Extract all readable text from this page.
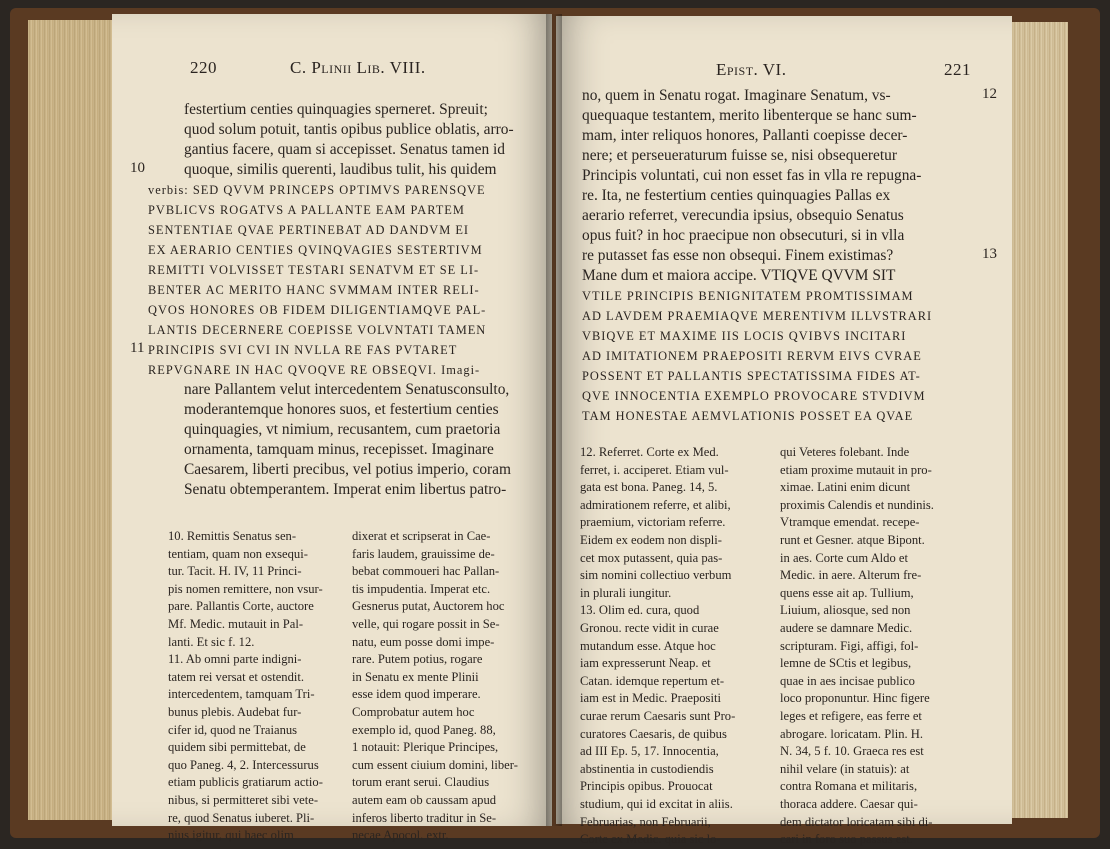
220	C. Plinii Lib. VIII.
10
11
festertium centies quinquagies sperneret. Spreuit;
quod solum potuit, tantis opibus publice oblatis, arro-
gantius facere, quam si accepisset. Senatus tamen id
quoque, similis querenti, laudibus tulit, his quidem
verbis: SED QVVM PRINCEPS OPTIMVS PARENSQVE
PVBLICVS ROGATVS A PALLANTE EAM PARTEM
SENTENTIAE QVAE PERTINEBAT AD DANDVM EI
EX AERARIO CENTIES QVINQVAGIES SESTERTIVM
REMITTI VOLVISSET TESTARI SENATVM ET SE LI-
BENTER AC MERITO HANC SVMMAM INTER RELI-
QVOS HONORES OB FIDEM DILIGENTIAMQVE PAL-
LANTIS DECERNERE COEPISSE VOLVNTATI TAMEN
PRINCIPIS SVI CVI IN NVLLA RE FAS PVTARET
REPVGNARE IN HAC QVOQVE RE OBSEQVI. Imagi-
nare Pallantem velut intercedentem Senatusconsulto,
moderantemque honores suos, et festertium centies
quinquagies, vt nimium, recusantem, cum praetoria
ornamenta, tamquam minus, recepisset. Imaginare
Caesarem, liberti precibus, vel potius imperio, coram
Senatu obtemperantem. Imperat enim libertus patro-
10. Remittis Senatus sen-
tentiam, quam non exsequi-
tur. Tacit. H. IV, 11 Princi-
pis nomen remittere, non vsur-
pare. Pallantis Corte, auctore
Mf. Medic. mutauit in Pal-
lanti. Et sic f. 12.
11. Ab omni parte indigni-
tatem rei versat et ostendit.
intercedentem, tamquam Tri-
bunus plebis. Audebat fur-
cifer id, quod ne Traianus
quidem sibi permittebat, de
quo Paneg. 4, 2. Intercessurus
etiam publicis gratiarum actio-
nibus, si permitteret sibi vete-
re, quod Senatus iuberet. Pli-
nius igitur, qui haec olim
dixerat et scripserat in Cae-
faris laudem, grauissime de-
bebat commoueri hac Pallan-
tis impudentia. Imperat etc.
Gesnerus putat, Auctorem hoc
velle, qui rogare possit in Se-
natu, eum posse domi impe-
rare. Putem potius, rogare
in Senatu ex mente Plinii
esse idem quod imperare.
Comprobatur autem hoc
exemplo id, quod Paneg. 88,
1 notauit: Plerique Principes,
cum essent ciuium domini, liber-
torum erant serui. Claudius
autem eam ob caussam apud
inferos liberto traditur in Se-
necae Apocol. extr.
Epist. VI.	221
12
13
no, quem in Senatu rogat. Imaginare Senatum, vs-
quequaque testantem, merito libenterque se hanc sum-
mam, inter reliquos honores, Pallanti coepisse decer-
nere; et perseueraturum fuisse se, nisi obsequeretur
Principis voluntati, cui non esset fas in vlla re repugna-
re. Ita, ne festertium centies quinquagies Pallas ex
aerario referret, verecundia ipsius, obsequio Senatus
opus fuit? in hoc praecipue non obsecuturi, si in vlla
re putasset fas esse non obsequi. Finem existimas?
Mane dum et maiora accipe. VTIQVE QVVM SIT
VTILE PRINCIPIS BENIGNITATEM PROMTISSIMAM
AD LAVDEM PRAEMIAQVE MERENTIVM ILLVSTRARI
VBIQVE ET MAXIME IIS LOCIS QVIBVS INCITARI
AD IMITATIONEM PRAEPOSITI RERVM EIVS CVRAE
POSSENT ET PALLANTIS SPECTATISSIMA FIDES AT-
QVE INNOCENTIA EXEMPLO PROVOCARE STVDIVM
TAM HONESTAE AEMVLATIONIS POSSET EA QVAE
12. Referret. Corte ex Med.
ferret, i. acciperet. Etiam vul-
gata est bona. Paneg. 14, 5.
admirationem referre, et alibi,
praemium, victoriam referre.
Eidem ex eodem non displi-
cet mox putassent, quia pas-
sim nomini collectiuo verbum
in plurali iungitur.
13. Olim ed. cura, quod
Gronou. recte vidit in curae
mutandum esse. Atque hoc
iam expresserunt Neap. et
Catan. idemque repertum et-
iam est in Medic. Praepositi
curae rerum Caesaris sunt Pro-
curatores Caesaris, de quibus
ad III Ep. 5, 17. Innocentia,
abstinentia in custodiendis
Principis opibus. Prouocat
studium, qui id excitat in aliis.
Februarias, non Februarii,
Corte ex Medic. quia sic lo-
qui Veteres folebant. Inde
etiam proxime mutauit in pro-
ximae. Latini enim dicunt
proximis Calendis et nundinis.
Vtramque emendat. recepe-
runt et Gesner. atque Bipont.
in aes. Corte cum Aldo et
Medic. in aere. Alterum fre-
quens esse ait ap. Tullium,
Liuium, aliosque, sed non
audere se damnare Medic.
scripturam. Figi, affigi, fol-
lemne de SCtis et legibus,
quae in aes incisae publico
loco proponuntur. Hinc figere
leges et refigere, eas ferre et
abrogare. loricatam. Plin. H.
N. 34, 5 f. 10. Graeca res est
nihil velare (in statuis): at
contra Romana et militaris,
thoraca addere. Caesar qui-
dem dictator loricatam sibi di-
cari in foro suo passus est.
